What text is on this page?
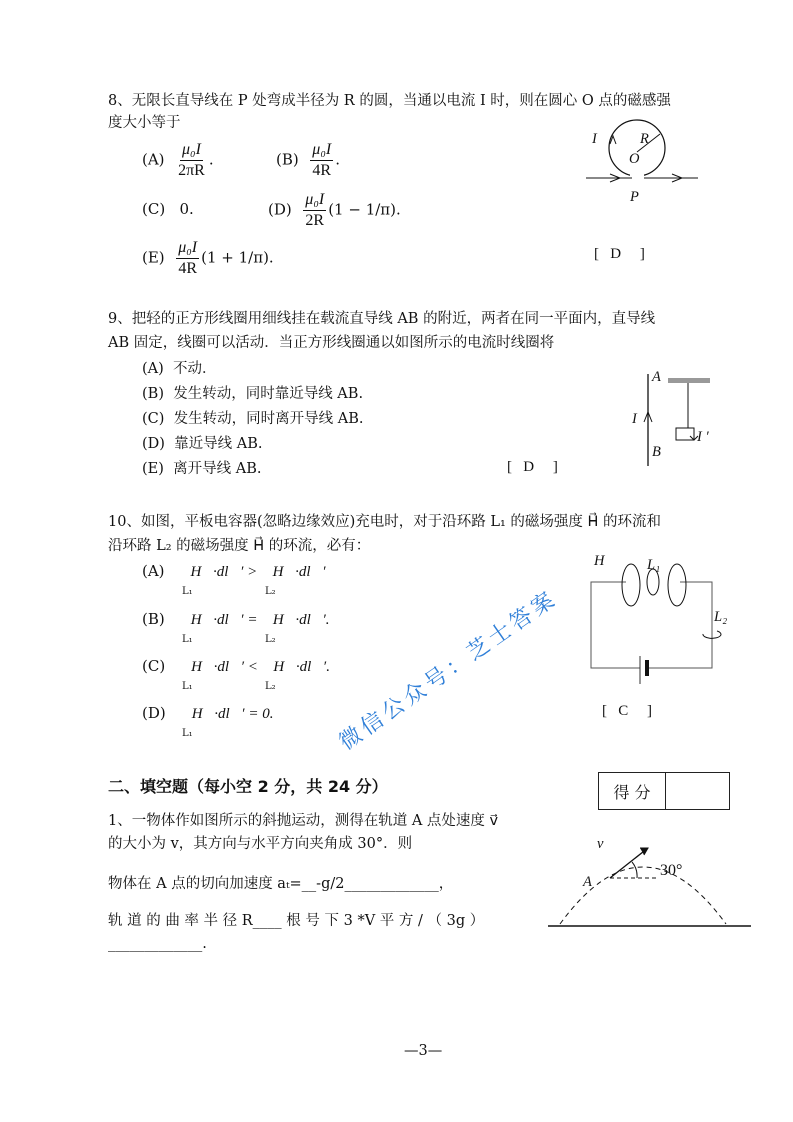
8、无限长直导线在 P 处弯成半径为 R 的圆，当通以电流 I 时，则在圆心 O 点的磁感强
度大小等于
$(A) \frac{\text{μ₀I}}{2\pi R}$ .	$(B) \frac{\text{μ₀I}}{4R}$ .
(C) 0.	$(D) \frac{\text{μ₀I}}{2R} (1 - 1/\pi)$.
$(E) \frac{\text{μ₀I}}{4R} (1 + 1/\pi)$.	[   D     ]
I	R
O
P
9、把轻的正方形线圈用细线挂在载流直导线 AB 的附近，两者在同一平面内，直导线
AB 固定，线圈可以活动．当正方形线圈通以如图所示的电流时线圈将
(A) 不动．
(B) 发生转动，同时靠近导线 AB.
(C) 发生转动，同时离开导线 AB.
(D) 靠近导线 AB.
(E) 离开导线 AB.	[   D     ]
A
I
I ′
B
10、如图，平板电容器(忽略边缘效应)充电时，对于沿环路 L₁ 的磁场强度 H⃗ 的环流和
沿环路 L₂ 的磁场强度 H⃗ 的环流，必有：
(A) ∮H⃗·dl⃗′ > ∮H⃗·dl⃗′
L₁	L₂
(B) ∮H⃗·dl⃗′ = ∮H⃗·dl⃗′.
L₁	L₂
(C) ∮H⃗·dl⃗′ < ∮H⃗·dl⃗′.
L₁	L₂
(D) ∮H⃗·dl⃗′ = 0.
L₁
[   C     ]
H⃗ L₁
L₂
微信公众号：芝士答案
二、填空题（每小空 2 分，共 24 分）	得 分
1、一物体作如图所示的斜抛运动，测得在轨道 A 点处速度 v⃗
的大小为 v，其方向与水平方向夹角成 30°．则
物体在 A 点的切向加速度 aₜ=__-g/2_____________，
轨 道 的 曲 率 半 径 R____ 根 号 下 3 *V 平 方 / （ 3g ）
_____________.
v⃗
A
30°
—3—
